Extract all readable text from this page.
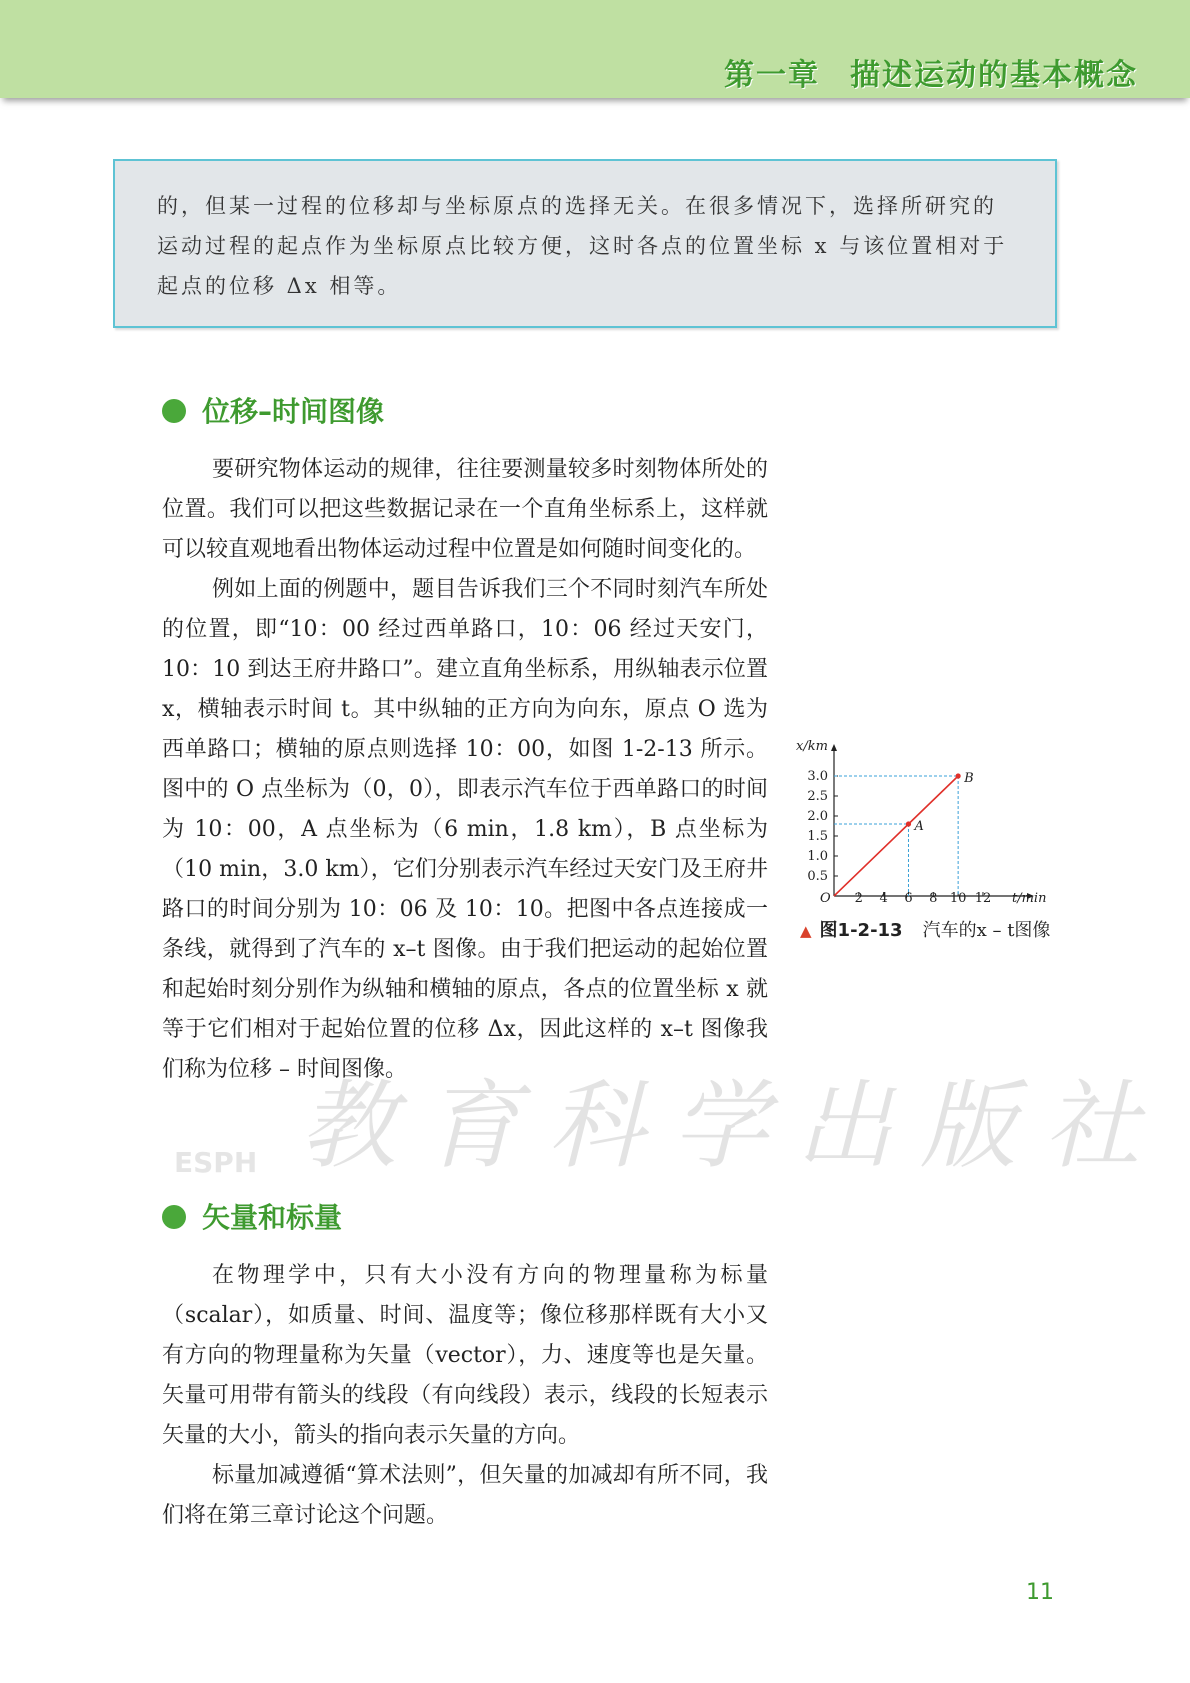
第一章 描述运动的基本概念
的，但某一过程的位移却与坐标原点的选择无关。在很多情况下，选择所研究的运动过程的起点作为坐标原点比较方便，这时各点的位置坐标 x 与该位置相对于起点的位移 Δx 相等。
位移–时间图像

要研究物体运动的规律，往往要测量较多时刻物体所处的位置。我们可以把这些数据记录在一个直角坐标系上，这样就可以较直观地看出物体运动过程中位置是如何随时间变化的。

例如上面的例题中，题目告诉我们三个不同时刻汽车所处的位置，即“10：00 经过西单路口，10：06 经过天安门，10：10 到达王府井路口”。建立直角坐标系，用纵轴表示位置 x，横轴表示时间 t。其中纵轴的正方向为向东，原点 O 选为西单路口；横轴的原点则选择 10：00，如图 1-2-13 所示。图中的 O 点坐标为（0，0），即表示汽车位于西单路口的时间为 10：00，A 点坐标为（6 min，1.8 km），B 点坐标为（10 min，3.0 km），它们分别表示汽车经过天安门及王府井路口的时间分别为 10：06 及 10：10。把图中各点连接成一条线，就得到了汽车的 x–t 图像。由于我们把运动的起始位置和起始时刻分别作为纵轴和横轴的原点，各点的位置坐标 x 就等于它们相对于起始位置的位移 Δx，因此这样的 x–t 图像我们称为位移 – 时间图像。

x/km
t/min
O 2 4 6 8 10 12
0.5
1.0
1.5
2.0
2.5
3.0
A
B
▲ 图1-2-13 汽车的x – t图像
教育科学出版社
ESPH
矢量和标量

在物理学中，只有大小没有方向的物理量称为标量（scalar），如质量、时间、温度等；像位移那样既有大小又有方向的物理量称为矢量（vector），力、速度等也是矢量。矢量可用带有箭头的线段（有向线段）表示，线段的长短表示矢量的大小，箭头的指向表示矢量的方向。

标量加减遵循“算术法则”，但矢量的加减却有所不同，我们将在第三章讨论这个问题。

11
